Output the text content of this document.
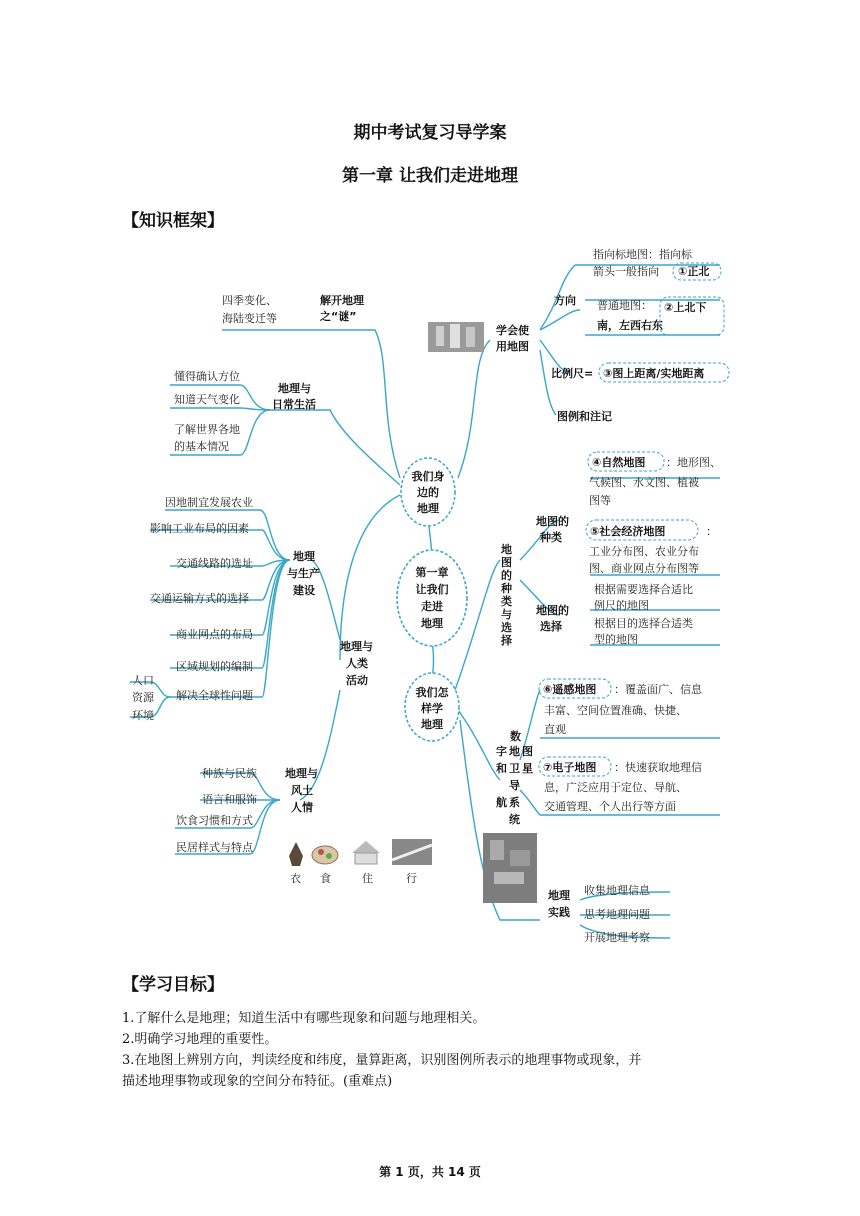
期中考试复习导学案
第一章 让我们走进地理
【知识框架】
第一章
让我们
走进
地理
我们身
边的
地理
我们怎
样学
地理
解开地理
之“谜”
四季变化、
海陆变迁等
地理与
日常生活
懂得确认方位
知道天气变化
了解世界各地
的基本情况
地理
与生产
建设
因地制宜发展农业
影响工业布局的因素
交通线路的选址
交通运输方式的选择
商业网点的布局
区域规划的编制
解决全球性问题
人口
资源
环境
地理与
人类
活动
地理与
风土
人情
种族与民族
语言和服饰
饮食习惯和方式
民居样式与特点
衣 食	住	行
学会使
用地图
方向
指向标地图：指向标
箭头一般指向 ①正北
普通地图： ②上北下
南，左西右东
比例尺= ③图上距离/实地距离
图例和注记
地
图
的
种
类
与
选
择
地图的
种类
④自然地图 ：地形图、
气候图、水文图、植被
图等
⑤社会经济地图	：
工业分布图、农业分布
图、商业网点分布图等
地图的
选择
根据需要选择合适比
例尺的地图
根据目的选择合适类
型的地图
数
字 地 图
和 卫 星
导
航 系
统
⑥遥感地图 ：覆盖面广、信息
丰富、空间位置准确、快捷、
直观
⑦电子地图 ：快速获取地理信
息，广泛应用于定位、导航、
交通管理、个人出行等方面
地理
实践
收集地理信息
思考地理问题
开展地理考察
【学习目标】
1.了解什么是地理；知道生活中有哪些现象和问题与地理相关。
2.明确学习地理的重要性。
3.在地图上辨别方向，判读经度和纬度，量算距离，识别图例所表示的地理事物或现象，并
描述地理事物或现象的空间分布特征。(重难点)
第 1 页，共 14 页
